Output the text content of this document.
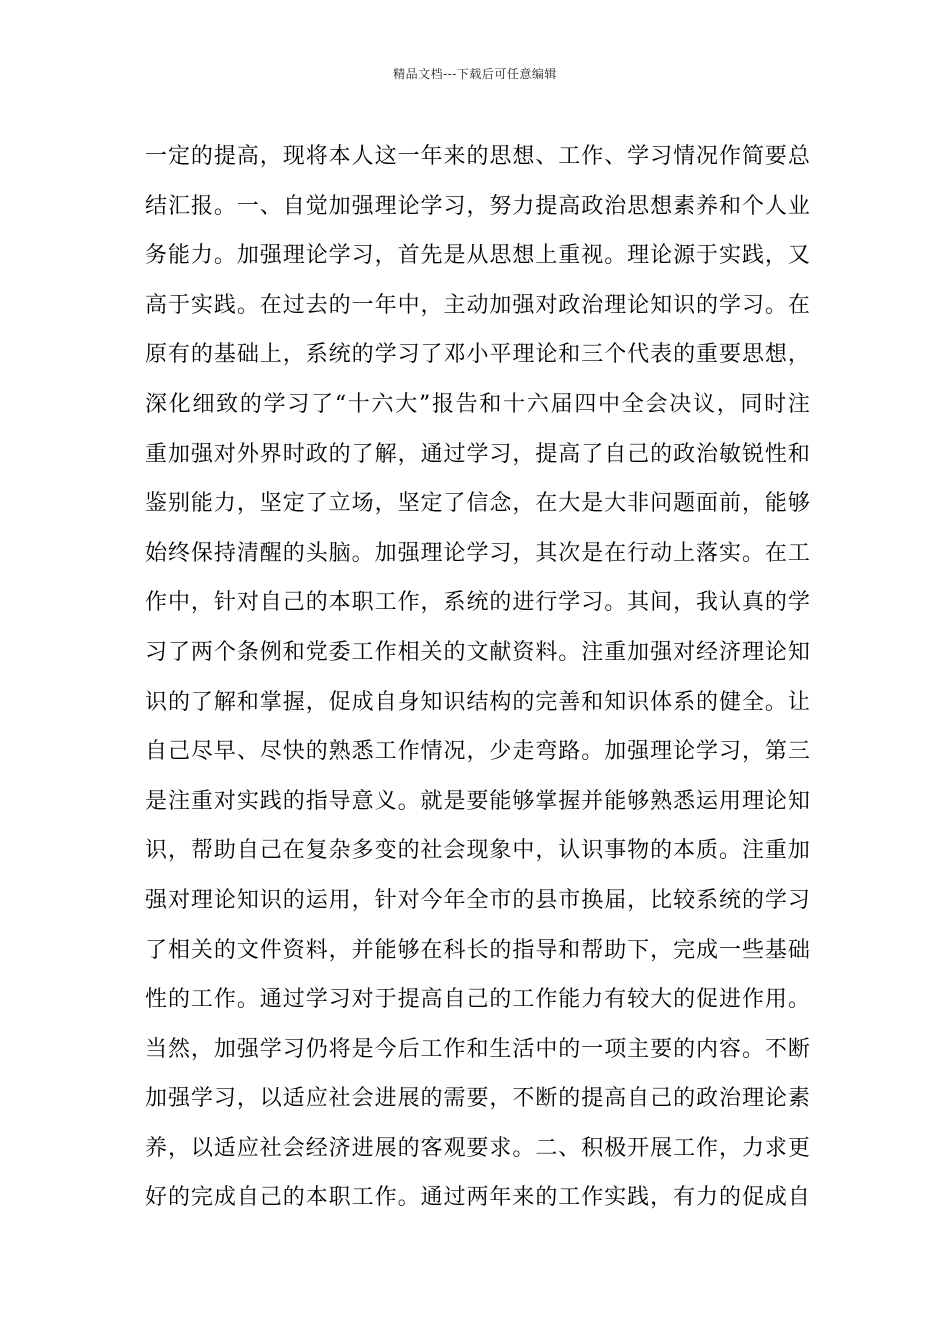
精品文档---下载后可任意编辑
一定的提高，现将本人这一年来的思想、工作、学习情况作简要总
结汇报。一、自觉加强理论学习，努力提高政治思想素养和个人业
务能力。加强理论学习，首先是从思想上重视。理论源于实践，又
高于实践。在过去的一年中，主动加强对政治理论知识的学习。在
原有的基础上，系统的学习了邓小平理论和三个代表的重要思想，
深化细致的学习了“十六大”报告和十六届四中全会决议，同时注
重加强对外界时政的了解，通过学习，提高了自己的政治敏锐性和
鉴别能力，坚定了立场，坚定了信念，在大是大非问题面前，能够
始终保持清醒的头脑。加强理论学习，其次是在行动上落实。在工
作中，针对自己的本职工作，系统的进行学习。其间，我认真的学
习了两个条例和党委工作相关的文献资料。注重加强对经济理论知
识的了解和掌握，促成自身知识结构的完善和知识体系的健全。让
自己尽早、尽快的熟悉工作情况，少走弯路。加强理论学习，第三
是注重对实践的指导意义。就是要能够掌握并能够熟悉运用理论知
识，帮助自己在复杂多变的社会现象中，认识事物的本质。注重加
强对理论知识的运用，针对今年全市的县市换届，比较系统的学习
了相关的文件资料，并能够在科长的指导和帮助下，完成一些基础
性的工作。通过学习对于提高自己的工作能力有较大的促进作用。
当然，加强学习仍将是今后工作和生活中的一项主要的内容。不断
加强学习，以适应社会进展的需要，不断的提高自己的政治理论素
养，以适应社会经济进展的客观要求。二、积极开展工作，力求更
好的完成自己的本职工作。通过两年来的工作实践，有力的促成自
